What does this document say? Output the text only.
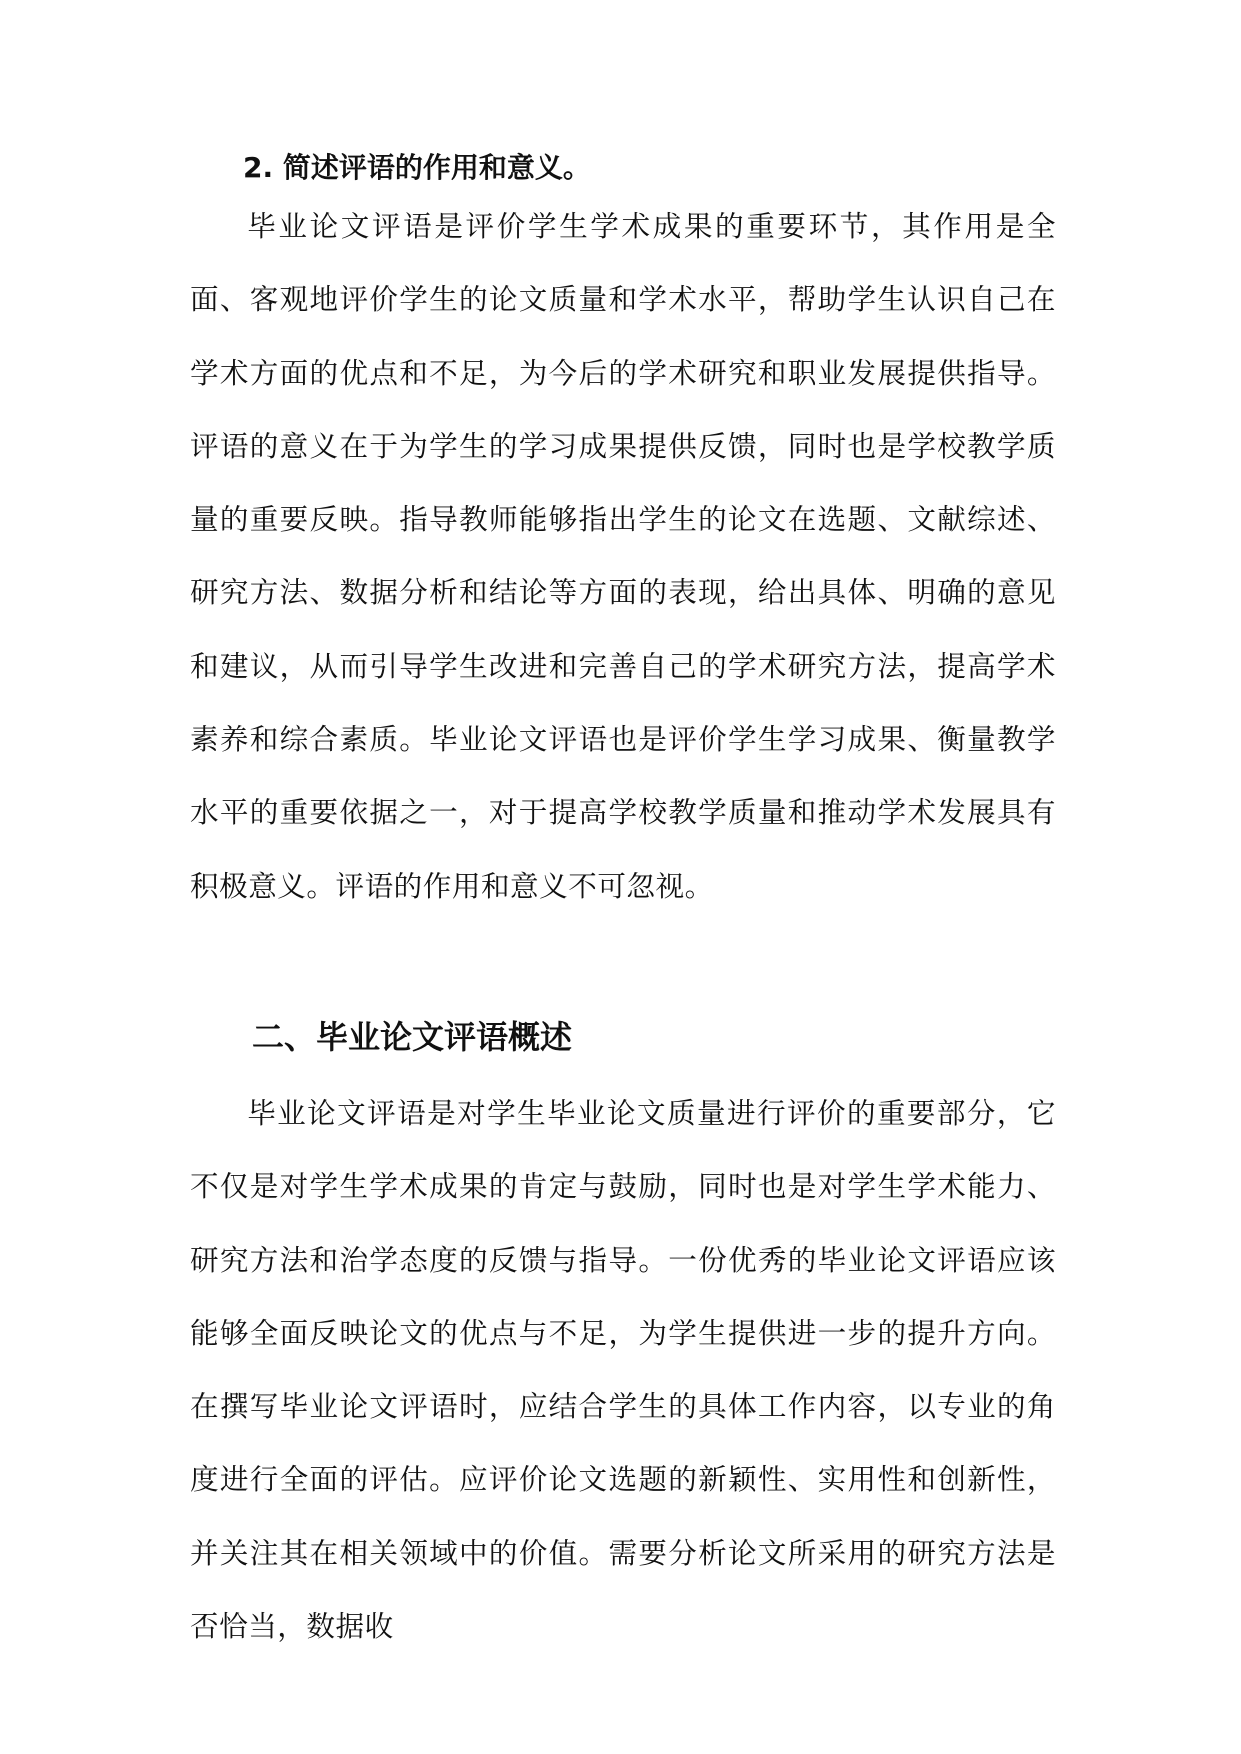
2. 简述评语的作用和意义。

毕业论文评语是评价学生学术成果的重要环节，其作用是全面、客观地评价学生的论文质量和学术水平，帮助学生认识自己在学术方面的优点和不足，为今后的学术研究和职业发展提供指导。评语的意义在于为学生的学习成果提供反馈，同时也是学校教学质量的重要反映。指导教师能够指出学生的论文在选题、文献综述、研究方法、数据分析和结论等方面的表现，给出具体、明确的意见和建议，从而引导学生改进和完善自己的学术研究方法，提高学术素养和综合素质。毕业论文评语也是评价学生学习成果、衡量教学水平的重要依据之一，对于提高学校教学质量和推动学术发展具有积极意义。评语的作用和意义不可忽视。

二、毕业论文评语概述

毕业论文评语是对学生毕业论文质量进行评价的重要部分，它不仅是对学生学术成果的肯定与鼓励，同时也是对学生学术能力、研究方法和治学态度的反馈与指导。一份优秀的毕业论文评语应该能够全面反映论文的优点与不足，为学生提供进一步的提升方向。在撰写毕业论文评语时，应结合学生的具体工作内容，以专业的角度进行全面的评估。应评价论文选题的新颖性、实用性和创新性，并关注其在相关领域中的价值。需要分析论文所采用的研究方法是否恰当，数据收
